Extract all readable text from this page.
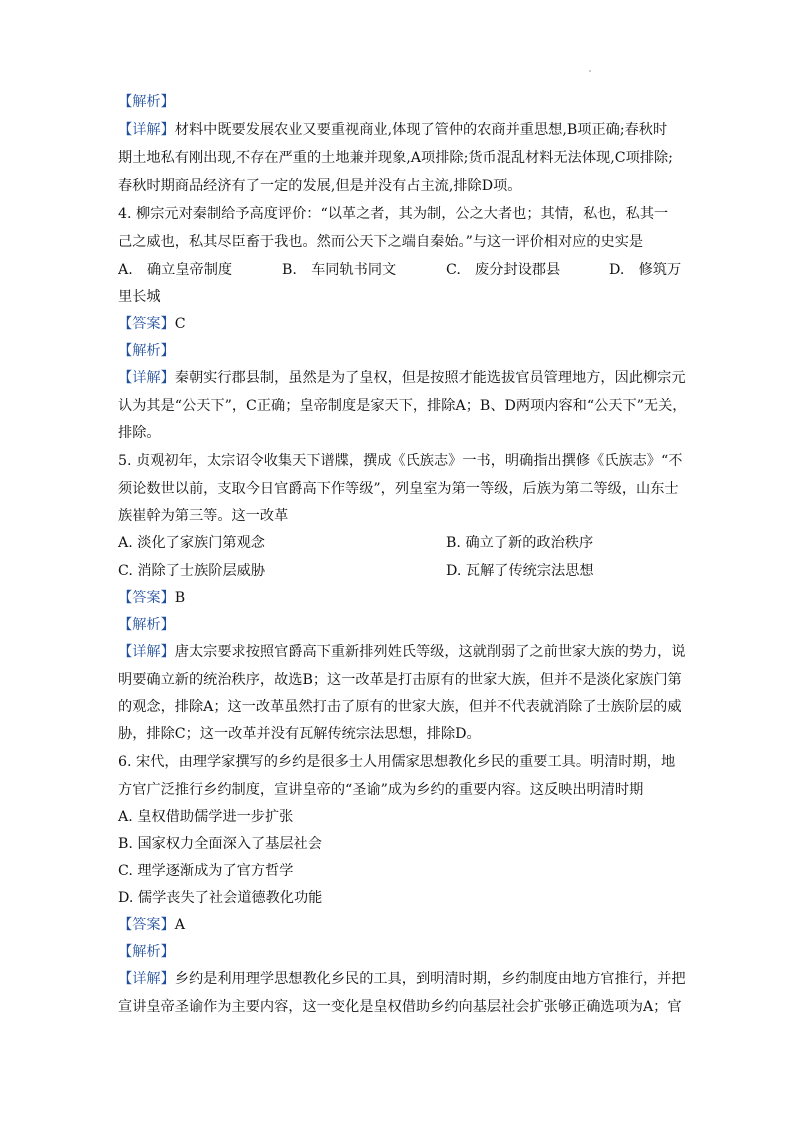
【解析】
【详解】材料中既要发展农业又要重视商业,体现了管仲的农商并重思想,B项正确;春秋时
期土地私有刚出现,不存在严重的土地兼并现象,A项排除;货币混乱材料无法体现,C项排除;
春秋时期商品经济有了一定的发展,但是并没有占主流,排除D项。
4. 柳宗元对秦制给予高度评价：“以革之者，其为制，公之大者也；其情，私也，私其一
己之威也，私其尽臣畜于我也。然而公天下之端自秦始。”与这一评价相对应的史实是
A.　确立皇帝制度	B.　车同轨书同文	C.　废分封设郡县	D.　修筑万
里长城
【答案】C
【解析】
【详解】秦朝实行郡县制，虽然是为了皇权，但是按照才能选拔官员管理地方，因此柳宗元
认为其是“公天下”，C正确；皇帝制度是家天下，排除A；B、D两项内容和“公天下”无关，
排除。
5. 贞观初年，太宗诏令收集天下谱牒，撰成《氏族志》一书，明确指出撰修《氏族志》“不
须论数世以前，支取今日官爵高下作等级”，列皇室为第一等级，后族为第二等级，山东士
族崔幹为第三等。这一改革
A. 淡化了家族门第观念	B. 确立了新的政治秩序
C. 消除了士族阶层威胁	D. 瓦解了传统宗法思想
【答案】B
【解析】
【详解】唐太宗要求按照官爵高下重新排列姓氏等级，这就削弱了之前世家大族的势力，说
明要确立新的统治秩序，故选B；这一改革是打击原有的世家大族，但并不是淡化家族门第
的观念，排除A；这一改革虽然打击了原有的世家大族，但并不代表就消除了士族阶层的威
胁，排除C；这一改革并没有瓦解传统宗法思想，排除D。
6. 宋代，由理学家撰写的乡约是很多士人用儒家思想教化乡民的重要工具。明清时期，地
方官广泛推行乡约制度，宣讲皇帝的“圣谕”成为乡约的重要内容。这反映出明清时期
A. 皇权借助儒学进一步扩张
B. 国家权力全面深入了基层社会
C. 理学逐渐成为了官方哲学
D. 儒学丧失了社会道德教化功能
【答案】A
【解析】
【详解】乡约是利用理学思想教化乡民的工具，到明清时期，乡约制度由地方官推行，并把
宣讲皇帝圣谕作为主要内容，这一变化是皇权借助乡约向基层社会扩张够正确选项为A；官
